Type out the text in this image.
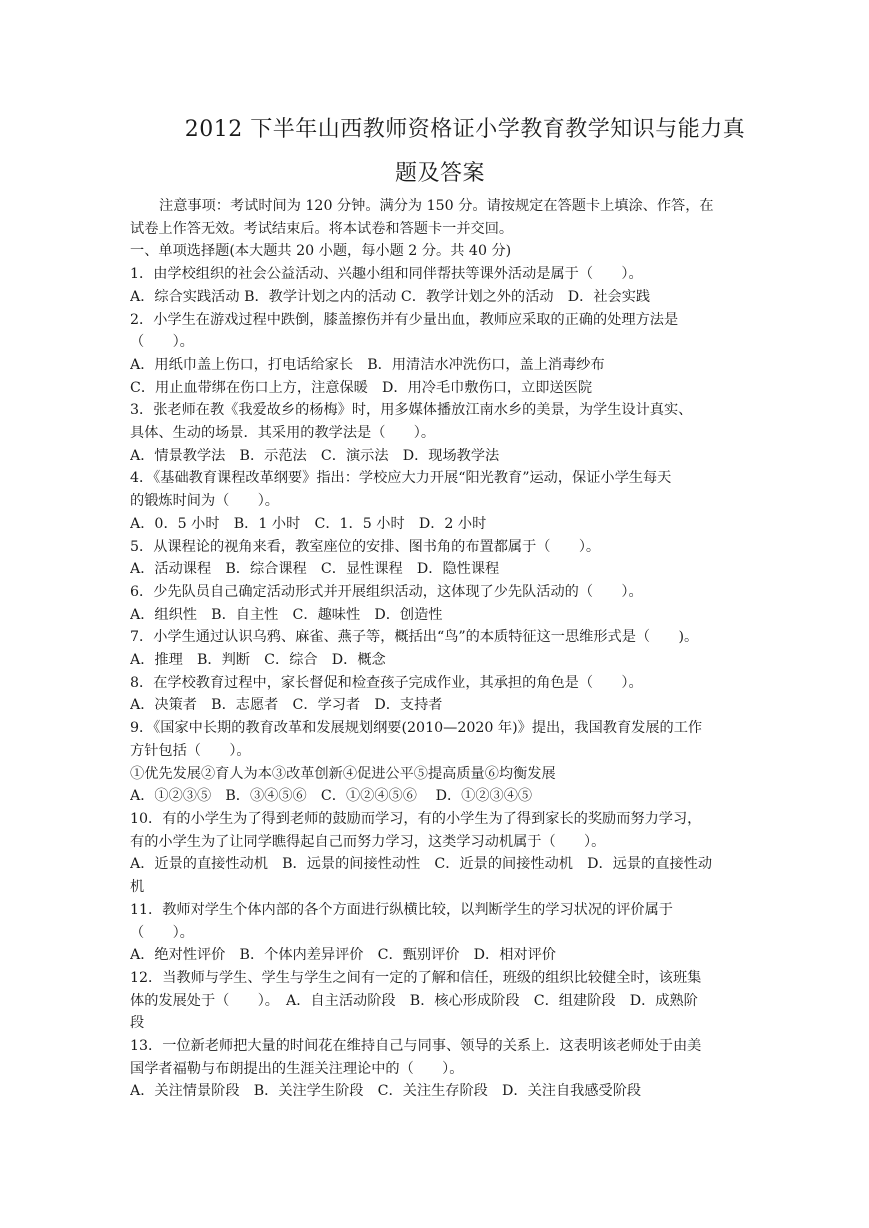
2012 下半年山西教师资格证小学教育教学知识与能力真
题及答案
注意事项：考试时间为 120 分钟。满分为 150 分。请按规定在答题卡上填涂、作答，在
试卷上作答无效。考试结束后。将本试卷和答题卡一并交回。
一、单项选择题(本大题共 20 小题，每小题 2 分。共 40 分)
1．由学校组织的社会公益活动、兴趣小组和同伴帮扶等课外活动是属于（　　）。
A．综合实践活动 B．教学计划之内的活动 C．教学计划之外的活动　D．社会实践
2．小学生在游戏过程中跌倒，膝盖擦伤并有少量出血，教师应采取的正确的处理方法是
（　　）。
A．用纸巾盖上伤口，打电话给家长　B．用清洁水冲洗伤口，盖上消毒纱布
C．用止血带绑在伤口上方，注意保暖　D．用冷毛巾敷伤口，立即送医院
3．张老师在教《我爱故乡的杨梅》时，用多媒体播放江南水乡的美景，为学生设计真实、
具体、生动的场景．其采用的教学法是（　　）。
A．情景教学法　B．示范法　C．演示法　D．现场教学法
4．《基础教育课程改革纲要》指出：学校应大力开展“阳光教育”运动，保证小学生每天
的锻炼时间为（　　）。
A．0．5 小时　B．1 小时　C．1．5 小时　D．2 小时
5．从课程论的视角来看，教室座位的安排、图书角的布置都属于（　　）。
A．活动课程　B．综合课程　C．显性课程　D．隐性课程
6．少先队员自己确定活动形式并开展组织活动，这体现了少先队活动的（　　）。
A．组织性　B．自主性　C．趣味性　D．创造性
7．小学生通过认识乌鸦、麻雀、燕子等，概括出“鸟”的本质特征这一思维形式是（　　)。
A．推理　B．判断　C．综合　D．概念
8．在学校教育过程中，家长督促和检查孩子完成作业，其承担的角色是（　　）。
A．决策者　B．志愿者　C．学习者　D．支持者
9．《国家中长期的教育改革和发展规划纲要(2010—2020 年)》提出，我国教育发展的工作
方针包括（　　）。
①优先发展②育人为本③改革创新④促进公平⑤提高质量⑥均衡发展
A．①②③⑤　B．③④⑤⑥　C．①②④⑤⑥　 D．①②③④⑤
10．有的小学生为了得到老师的鼓励而学习，有的小学生为了得到家长的奖励而努力学习，
有的小学生为了让同学瞧得起自己而努力学习，这类学习动机属于（　　）。
A．近景的直接性动机　B．远景的间接性动性　C．近景的间接性动机　D．远景的直接性动
机
11．教师对学生个体内部的各个方面进行纵横比较，以判断学生的学习状况的评价属于
（　　）。
A．绝对性评价　B．个体内差异评价　C．甄别评价　D．相对评价
12．当教师与学生、学生与学生之间有一定的了解和信任，班级的组织比较健全时，该班集
体的发展处于（　　）。　A．自主活动阶段　B．核心形成阶段　C．组建阶段　D．成熟阶
段
13．一位新老师把大量的时间花在维持自己与同事、领导的关系上．这表明该老师处于由美
国学者福勒与布朗提出的生涯关注理论中的（　　）。
A．关注情景阶段　B．关注学生阶段　C．关注生存阶段　D．关注自我感受阶段
